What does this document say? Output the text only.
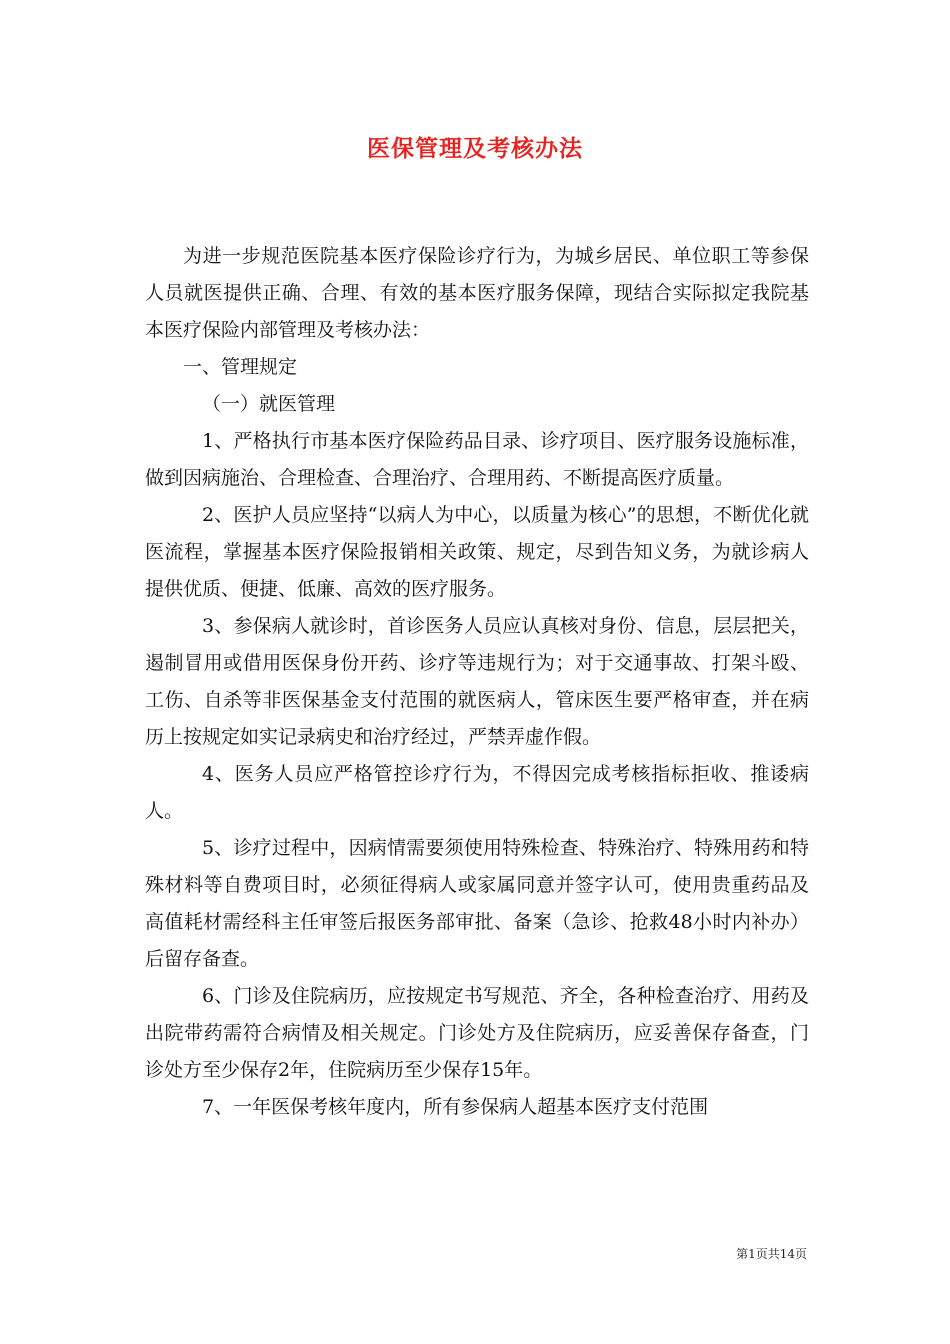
医保管理及考核办法

为进一步规范医院基本医疗保险诊疗行为，为城乡居民、单位职工等参保人员就医提供正确、合理、有效的基本医疗服务保障，现结合实际拟定我院基本医疗保险内部管理及考核办法：

一、管理规定

（一）就医管理

1、严格执行市基本医疗保险药品目录、诊疗项目、医疗服务设施标准，做到因病施治、合理检查、合理治疗、合理用药、不断提高医疗质量。

2、医护人员应坚持“以病人为中心，以质量为核心”的思想，不断优化就医流程，掌握基本医疗保险报销相关政策、规定，尽到告知义务，为就诊病人提供优质、便捷、低廉、高效的医疗服务。

3、参保病人就诊时，首诊医务人员应认真核对身份、信息，层层把关，遏制冒用或借用医保身份开药、诊疗等违规行为；对于交通事故、打架斗殴、工伤、自杀等非医保基金支付范围的就医病人，管床医生要严格审查，并在病历上按规定如实记录病史和治疗经过，严禁弄虚作假。

4、医务人员应严格管控诊疗行为，不得因完成考核指标拒收、推诿病人。

5、诊疗过程中，因病情需要须使用特殊检查、特殊治疗、特殊用药和特殊材料等自费项目时，必须征得病人或家属同意并签字认可，使用贵重药品及高值耗材需经科主任审签后报医务部审批、备案（急诊、抢救48小时内补办）后留存备查。

6、门诊及住院病历，应按规定书写规范、齐全，各种检查治疗、用药及出院带药需符合病情及相关规定。门诊处方及住院病历，应妥善保存备查，门诊处方至少保存2年，住院病历至少保存15年。

7、一年医保考核年度内，所有参保病人超基本医疗支付范围

第1页共14页
